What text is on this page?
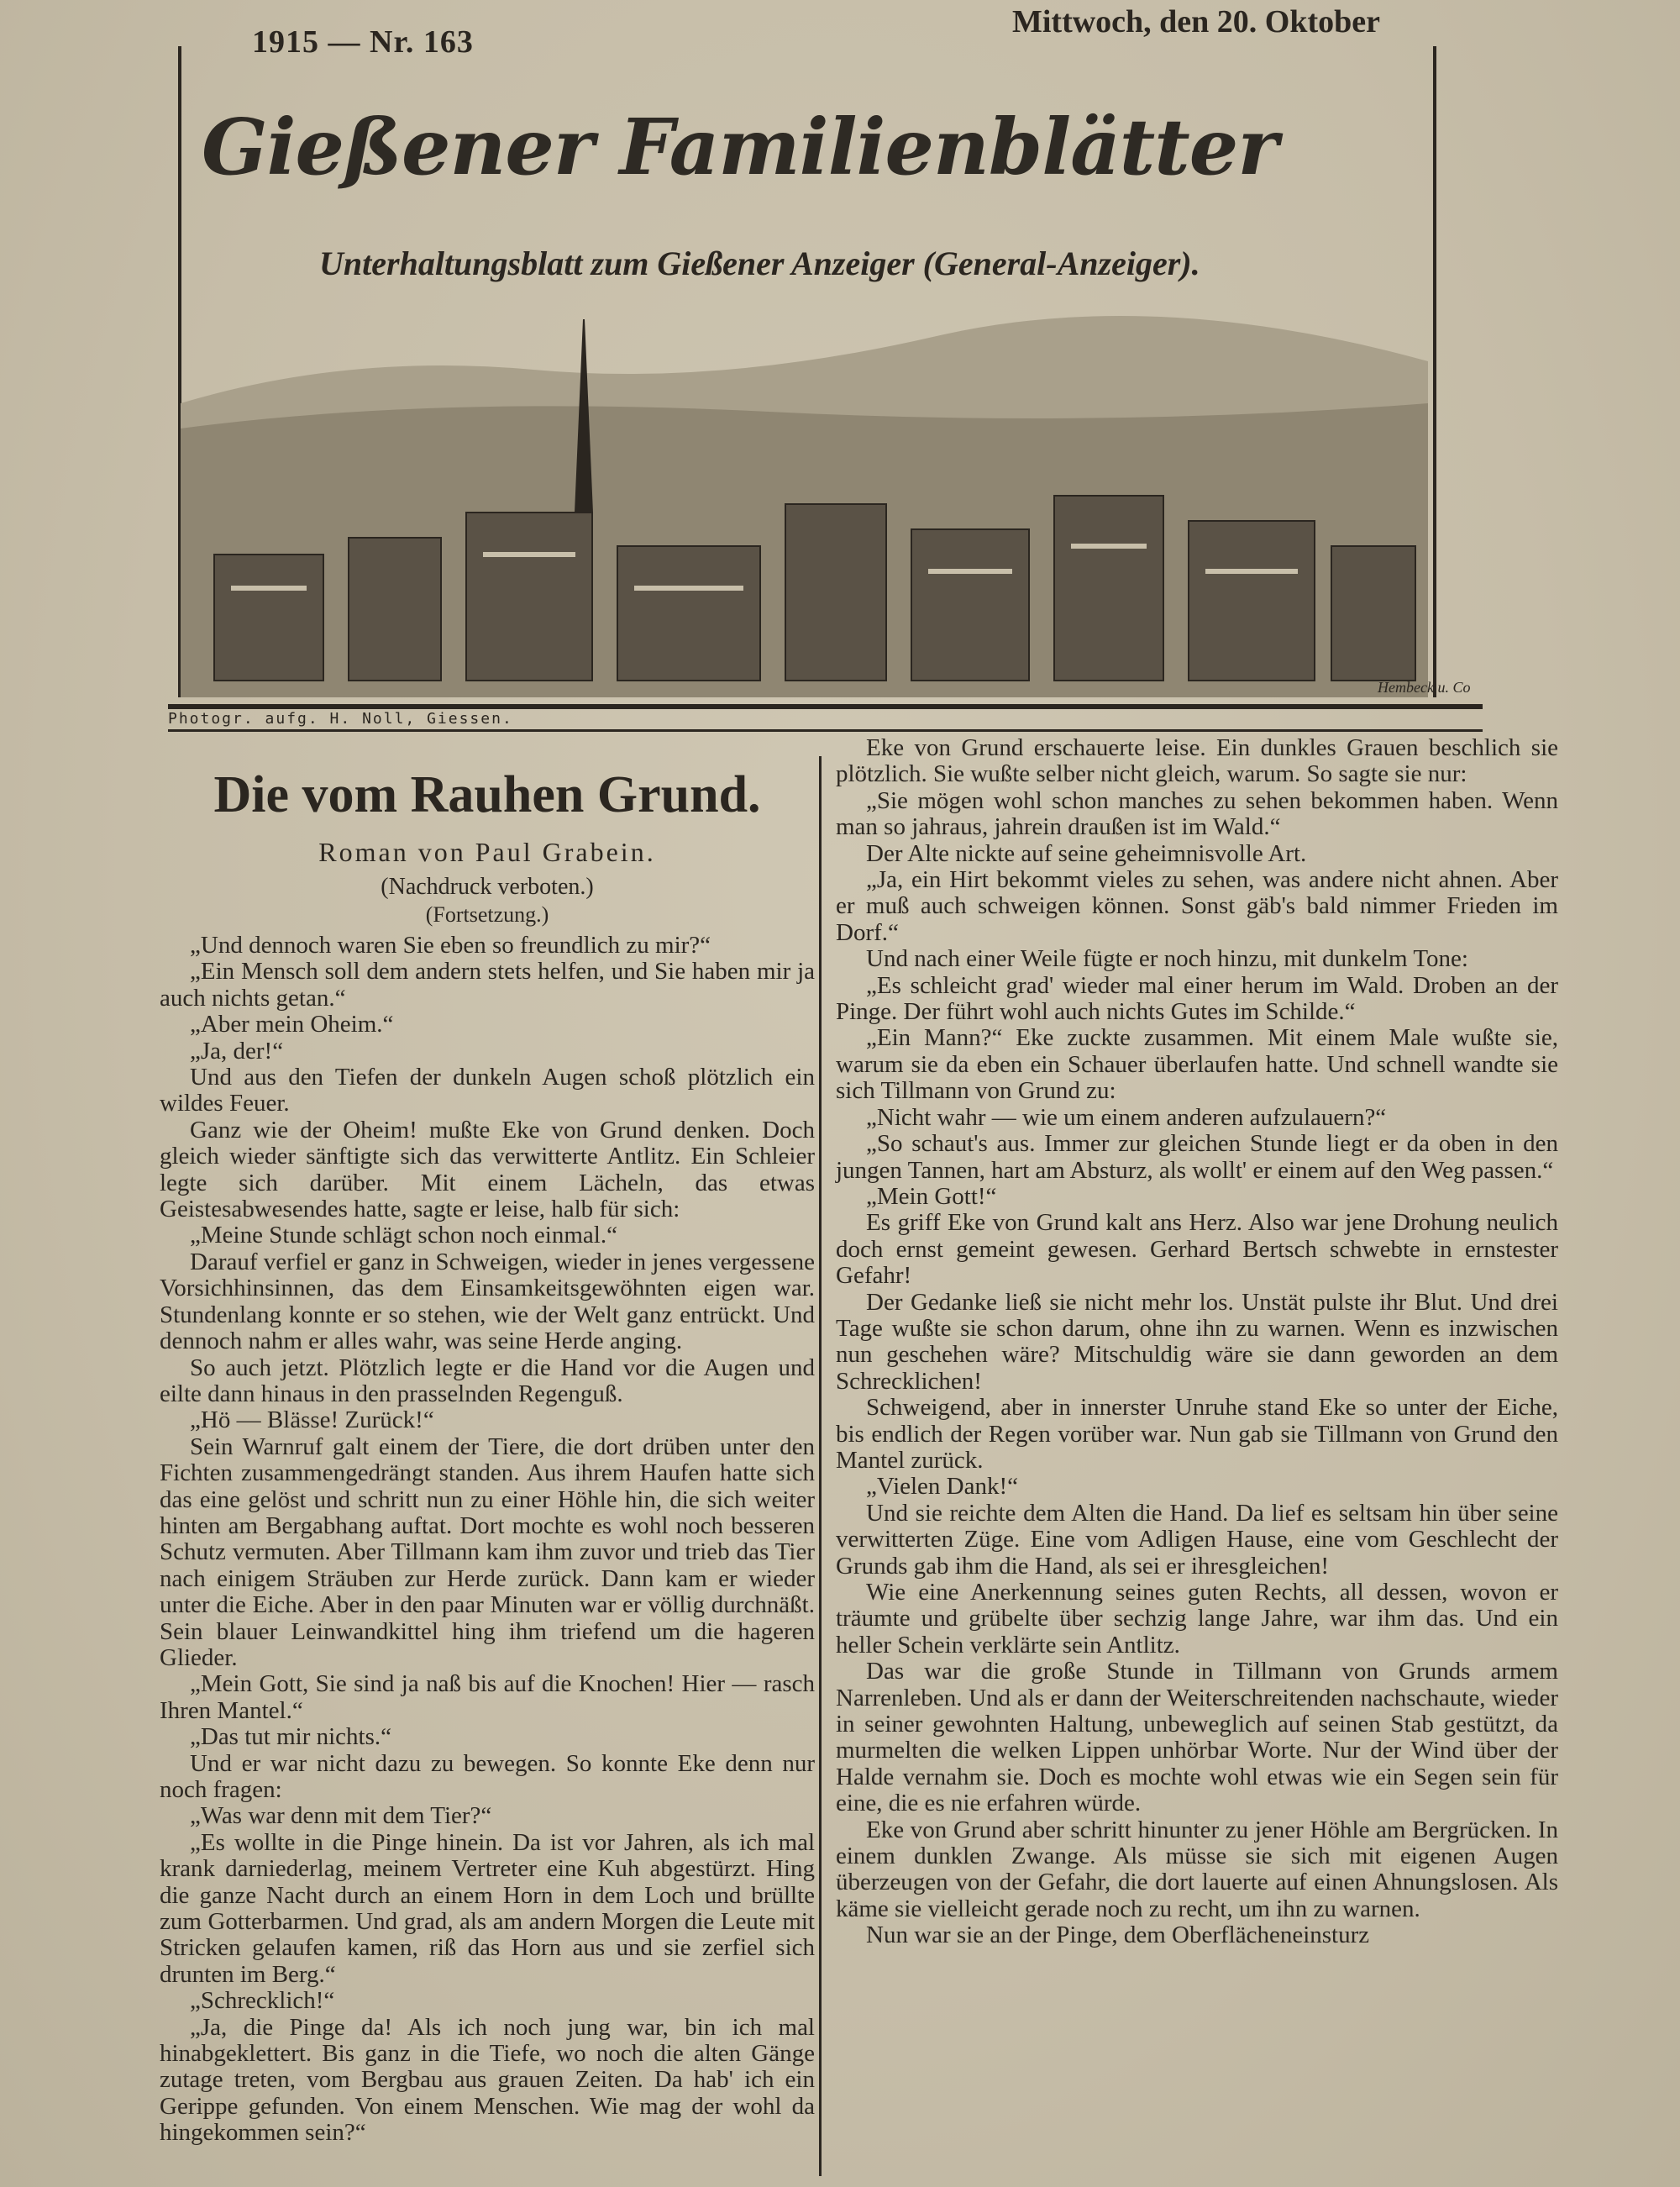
1915 — Nr. 163
Mittwoch, den 20. Oktober
Gießener Familienblätter
Unterhaltungsblatt zum Gießener Anzeiger (General-Anzeiger).
Photogr. aufg. H. Noll, Giessen.
Hembeck u. Co
Die vom Rauhen Grund.
Roman von Paul Grabein.
(Nachdruck verboten.)
(Fortsetzung.)

„Und dennoch waren Sie eben so freundlich zu mir?“

„Ein Mensch soll dem andern stets helfen, und Sie haben mir ja auch nichts getan.“

„Aber mein Oheim.“

„Ja, der!“

Und aus den Tiefen der dunkeln Augen schoß plötzlich ein wildes Feuer.

Ganz wie der Oheim! mußte Eke von Grund denken. Doch gleich wieder sänftigte sich das verwitterte Antlitz. Ein Schleier legte sich darüber. Mit einem Lächeln, das etwas Geistesabwesendes hatte, sagte er leise, halb für sich:

„Meine Stunde schlägt schon noch einmal.“

Darauf verfiel er ganz in Schweigen, wieder in jenes vergessene Vorsichhinsinnen, das dem Einsamkeitsgewöhnten eigen war. Stundenlang konnte er so stehen, wie der Welt ganz entrückt. Und dennoch nahm er alles wahr, was seine Herde anging.

So auch jetzt. Plötzlich legte er die Hand vor die Augen und eilte dann hinaus in den prasselnden Regenguß.

„Hö — Blässe! Zurück!“

Sein Warnruf galt einem der Tiere, die dort drüben unter den Fichten zusammengedrängt standen. Aus ihrem Haufen hatte sich das eine gelöst und schritt nun zu einer Höhle hin, die sich weiter hinten am Bergabhang auftat. Dort mochte es wohl noch besseren Schutz vermuten. Aber Tillmann kam ihm zuvor und trieb das Tier nach einigem Sträuben zur Herde zurück. Dann kam er wieder unter die Eiche. Aber in den paar Minuten war er völlig durchnäßt. Sein blauer Leinwandkittel hing ihm triefend um die hageren Glieder.

„Mein Gott, Sie sind ja naß bis auf die Knochen! Hier — rasch Ihren Mantel.“

„Das tut mir nichts.“

Und er war nicht dazu zu bewegen. So konnte Eke denn nur noch fragen:

„Was war denn mit dem Tier?“

„Es wollte in die Pinge hinein. Da ist vor Jahren, als ich mal krank darniederlag, meinem Vertreter eine Kuh abgestürzt. Hing die ganze Nacht durch an einem Horn in dem Loch und brüllte zum Gotterbarmen. Und grad, als am andern Morgen die Leute mit Stricken gelaufen kamen, riß das Horn aus und sie zerfiel sich drunten im Berg.“

„Schrecklich!“

„Ja, die Pinge da! Als ich noch jung war, bin ich mal hinabgeklettert. Bis ganz in die Tiefe, wo noch die alten Gänge zutage treten, vom Bergbau aus grauen Zeiten. Da hab' ich ein Gerippe gefunden. Von einem Menschen. Wie mag der wohl da hingekommen sein?“

Eke von Grund erschauerte leise. Ein dunkles Grauen beschlich sie plötzlich. Sie wußte selber nicht gleich, warum. So sagte sie nur:

„Sie mögen wohl schon manches zu sehen bekommen haben. Wenn man so jahraus, jahrein draußen ist im Wald.“

Der Alte nickte auf seine geheimnisvolle Art.

„Ja, ein Hirt bekommt vieles zu sehen, was andere nicht ahnen. Aber er muß auch schweigen können. Sonst gäb's bald nimmer Frieden im Dorf.“

Und nach einer Weile fügte er noch hinzu, mit dunkelm Tone:

„Es schleicht grad' wieder mal einer herum im Wald. Droben an der Pinge. Der führt wohl auch nichts Gutes im Schilde.“

„Ein Mann?“ Eke zuckte zusammen. Mit einem Male wußte sie, warum sie da eben ein Schauer überlaufen hatte. Und schnell wandte sie sich Tillmann von Grund zu:

„Nicht wahr — wie um einem anderen aufzulauern?“

„So schaut's aus. Immer zur gleichen Stunde liegt er da oben in den jungen Tannen, hart am Absturz, als wollt' er einem auf den Weg passen.“

„Mein Gott!“

Es griff Eke von Grund kalt ans Herz. Also war jene Drohung neulich doch ernst gemeint gewesen. Gerhard Bertsch schwebte in ernstester Gefahr!

Der Gedanke ließ sie nicht mehr los. Unstät pulste ihr Blut. Und drei Tage wußte sie schon darum, ohne ihn zu warnen. Wenn es inzwischen nun geschehen wäre? Mitschuldig wäre sie dann geworden an dem Schrecklichen!

Schweigend, aber in innerster Unruhe stand Eke so unter der Eiche, bis endlich der Regen vorüber war. Nun gab sie Tillmann von Grund den Mantel zurück.

„Vielen Dank!“

Und sie reichte dem Alten die Hand. Da lief es seltsam hin über seine verwitterten Züge. Eine vom Adligen Hause, eine vom Geschlecht der Grunds gab ihm die Hand, als sei er ihresgleichen!

Wie eine Anerkennung seines guten Rechts, all dessen, wovon er träumte und grübelte über sechzig lange Jahre, war ihm das. Und ein heller Schein verklärte sein Antlitz.

Das war die große Stunde in Tillmann von Grunds armem Narrenleben. Und als er dann der Weiterschreitenden nachschaute, wieder in seiner gewohnten Haltung, unbeweglich auf seinen Stab gestützt, da murmelten die welken Lippen unhörbar Worte. Nur der Wind über der Halde vernahm sie. Doch es mochte wohl etwas wie ein Segen sein für eine, die es nie erfahren würde.

Eke von Grund aber schritt hinunter zu jener Höhle am Bergrücken. In einem dunklen Zwange. Als müsse sie sich mit eigenen Augen überzeugen von der Gefahr, die dort lauerte auf einen Ahnungslosen. Als käme sie vielleicht gerade noch zu recht, um ihn zu warnen.

Nun war sie an der Pinge, dem Oberflächeneinsturz
